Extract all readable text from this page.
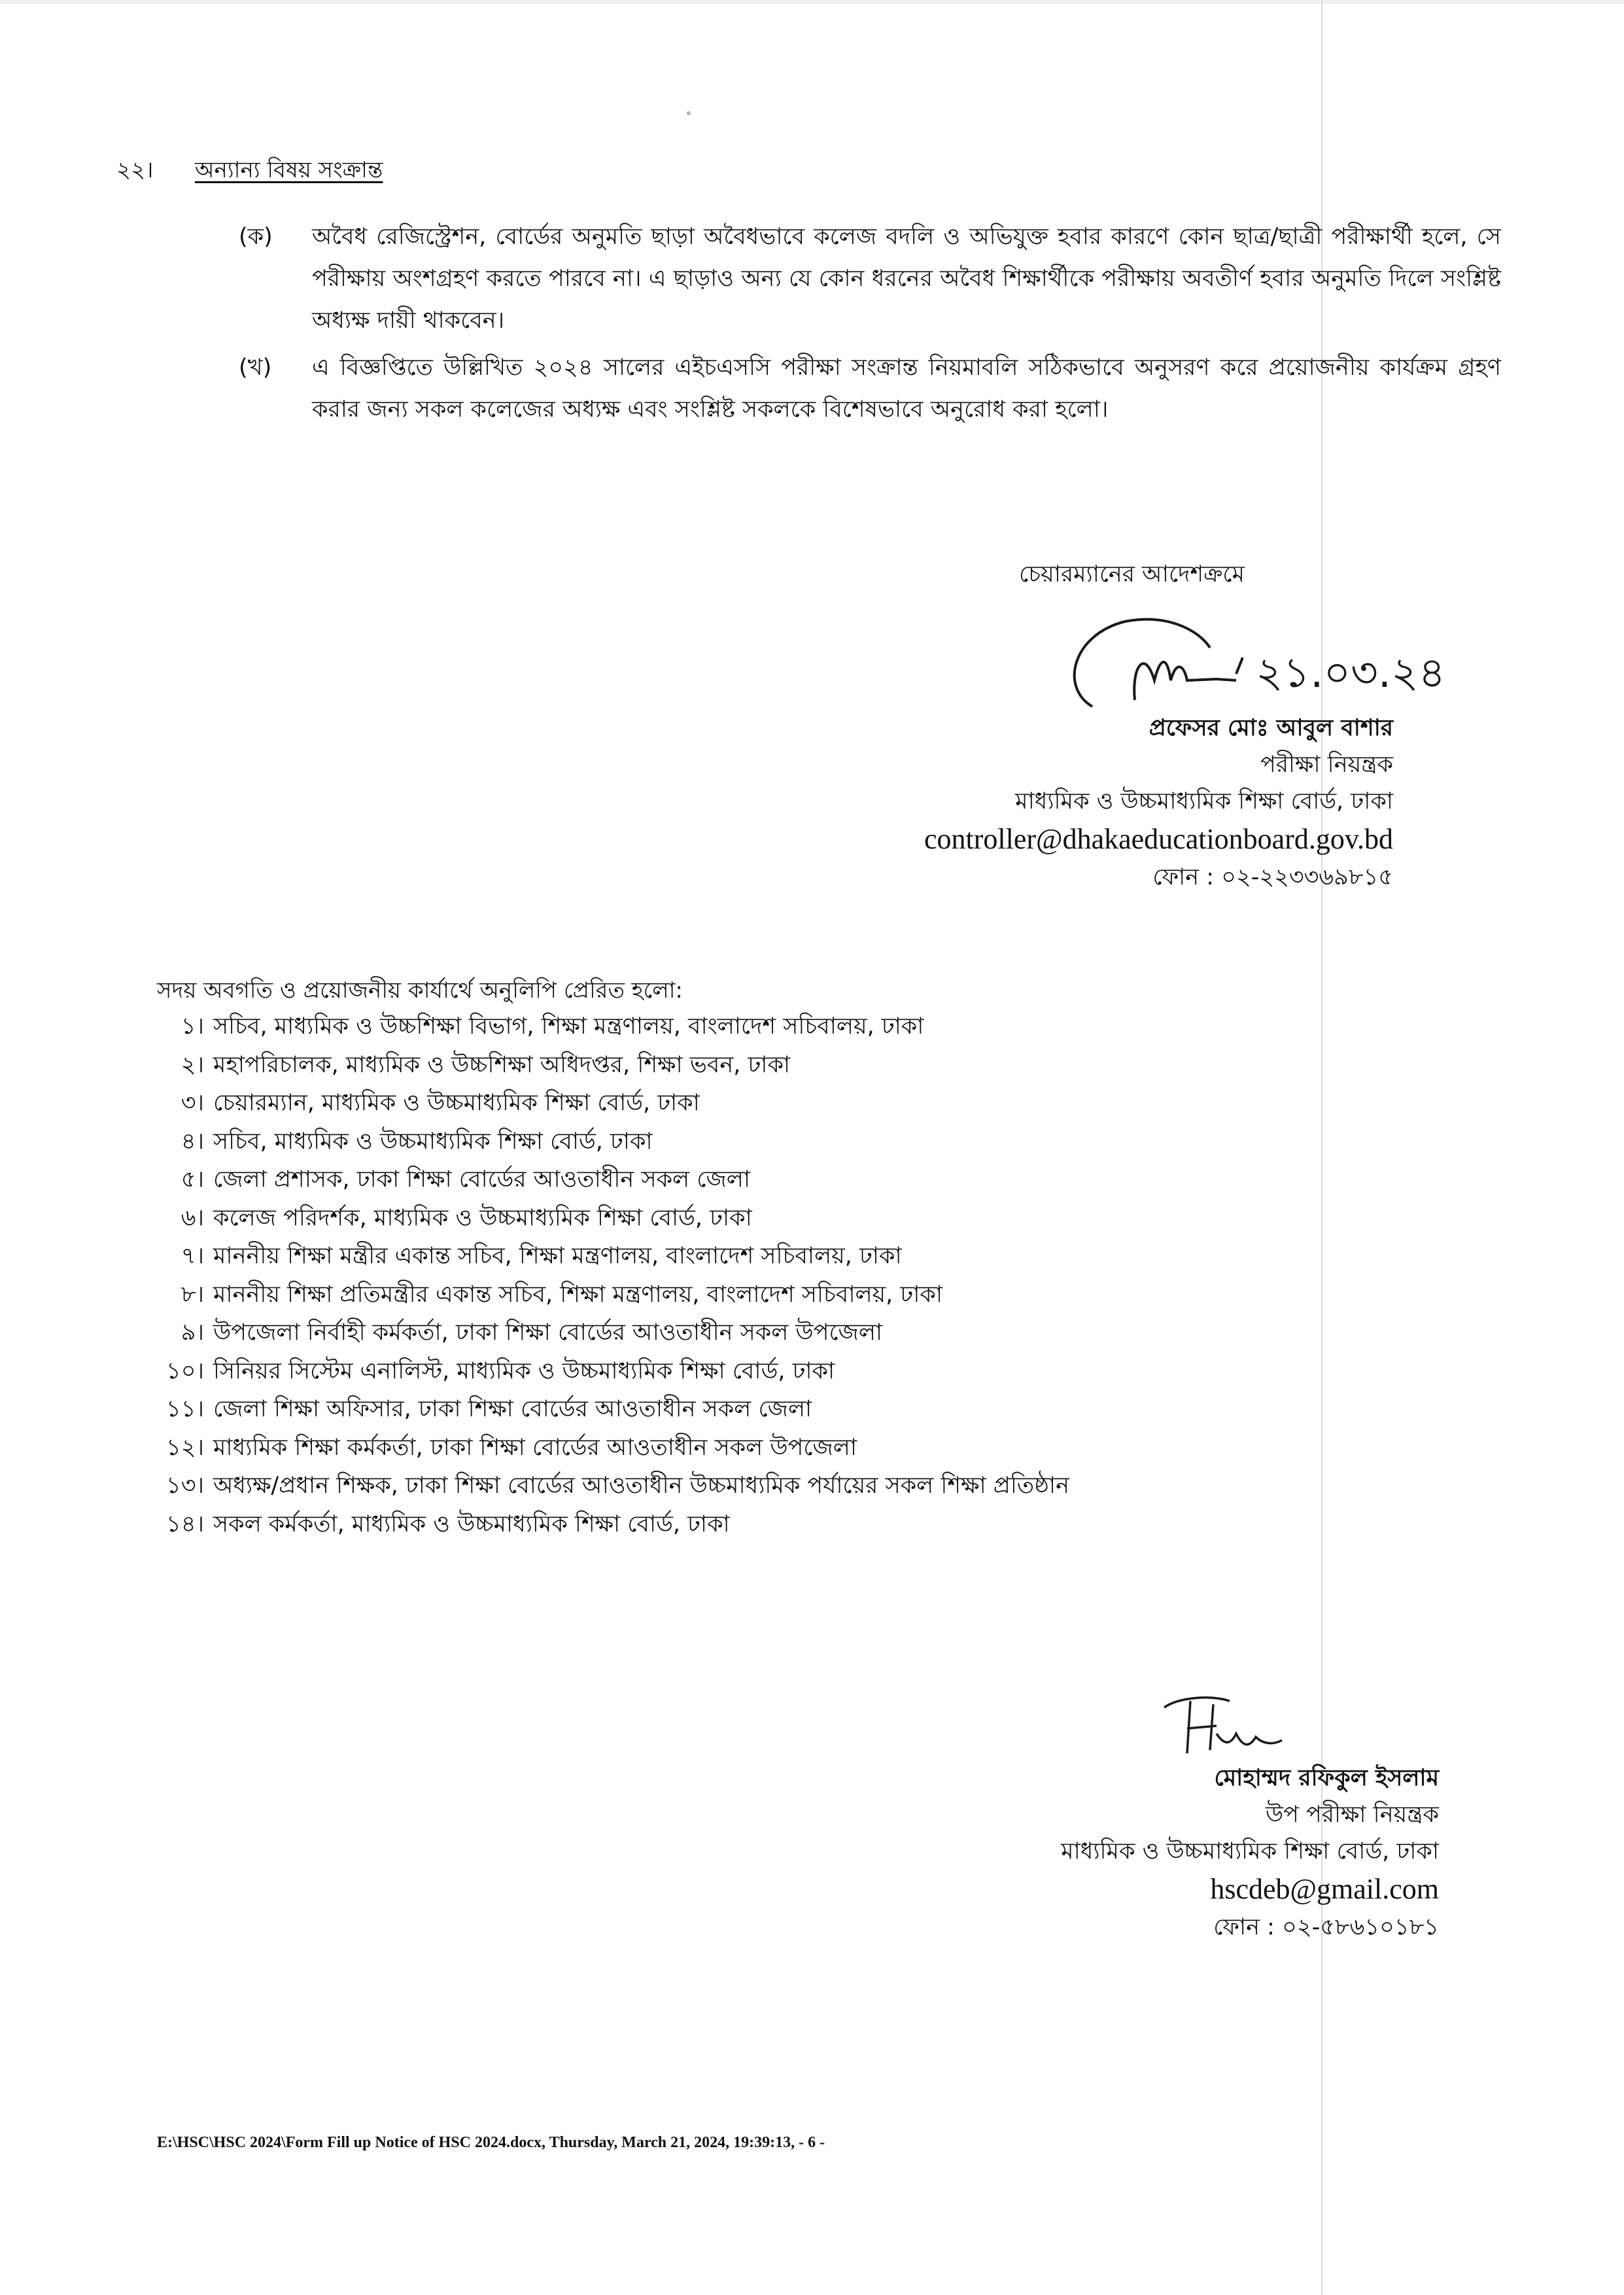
২২। অন্যান্য বিষয় সংক্রান্ত
(ক) অবৈধ রেজিস্ট্রেশন, বোর্ডের অনুমতি ছাড়া অবৈধভাবে কলেজ বদলি ও অভিযুক্ত হবার কারণে কোন ছাত্র/ছাত্রী পরীক্ষার্থী হলে, সে পরীক্ষায় অংশগ্রহণ করতে পারবে না। এ ছাড়াও অন্য যে কোন ধরনের অবৈধ শিক্ষার্থীকে পরীক্ষায় অবতীর্ণ হবার অনুমতি দিলে সংশ্লিষ্ট অধ্যক্ষ দায়ী থাকবেন।
(খ) এ বিজ্ঞপ্তিতে উল্লিখিত ২০২৪ সালের এইচএসসি পরীক্ষা সংক্রান্ত নিয়মাবলি সঠিকভাবে অনুসরণ করে প্রয়োজনীয় কার্যক্রম গ্রহণ করার জন্য সকল কলেজের অধ্যক্ষ এবং সংশ্লিষ্ট সকলকে বিশেষভাবে অনুরোধ করা হলো।
চেয়ারম্যানের আদেশক্রমে
২১.০৩.২৪
প্রফেসর মোঃ আবুল বাশার
পরীক্ষা নিয়ন্ত্রক
মাধ্যমিক ও উচ্চমাধ্যমিক শিক্ষা বোর্ড, ঢাকা
controller@dhakaeducationboard.gov.bd
ফোন : ০২-২২৩৩৬৯৮১৫
সদয় অবগতি ও প্রয়োজনীয় কার্যার্থে অনুলিপি প্রেরিত হলো:
১। সচিব, মাধ্যমিক ও উচ্চশিক্ষা বিভাগ, শিক্ষা মন্ত্রণালয়, বাংলাদেশ সচিবালয়, ঢাকা
২। মহাপরিচালক, মাধ্যমিক ও উচ্চশিক্ষা অধিদপ্তর, শিক্ষা ভবন, ঢাকা
৩। চেয়ারম্যান, মাধ্যমিক ও উচ্চমাধ্যমিক শিক্ষা বোর্ড, ঢাকা
৪। সচিব, মাধ্যমিক ও উচ্চমাধ্যমিক শিক্ষা বোর্ড, ঢাকা
৫। জেলা প্রশাসক, ঢাকা শিক্ষা বোর্ডের আওতাধীন সকল জেলা
৬। কলেজ পরিদর্শক, মাধ্যমিক ও উচ্চমাধ্যমিক শিক্ষা বোর্ড, ঢাকা
৭। মাননীয় শিক্ষা মন্ত্রীর একান্ত সচিব, শিক্ষা মন্ত্রণালয়, বাংলাদেশ সচিবালয়, ঢাকা
৮। মাননীয় শিক্ষা প্রতিমন্ত্রীর একান্ত সচিব, শিক্ষা মন্ত্রণালয়, বাংলাদেশ সচিবালয়, ঢাকা
৯। উপজেলা নির্বাহী কর্মকর্তা, ঢাকা শিক্ষা বোর্ডের আওতাধীন সকল উপজেলা
১০। সিনিয়র সিস্টেম এনালিস্ট, মাধ্যমিক ও উচ্চমাধ্যমিক শিক্ষা বোর্ড, ঢাকা
১১। জেলা শিক্ষা অফিসার, ঢাকা শিক্ষা বোর্ডের আওতাধীন সকল জেলা
১২। মাধ্যমিক শিক্ষা কর্মকর্তা, ঢাকা শিক্ষা বোর্ডের আওতাধীন সকল উপজেলা
১৩। অধ্যক্ষ/প্রধান শিক্ষক, ঢাকা শিক্ষা বোর্ডের আওতাধীন উচ্চমাধ্যমিক পর্যায়ের সকল শিক্ষা প্রতিষ্ঠান
১৪। সকল কর্মকর্তা, মাধ্যমিক ও উচ্চমাধ্যমিক শিক্ষা বোর্ড, ঢাকা
মোহাম্মদ রফিকুল ইসলাম
উপ পরীক্ষা নিয়ন্ত্রক
মাধ্যমিক ও উচ্চমাধ্যমিক শিক্ষা বোর্ড, ঢাকা
hscdeb@gmail.com
ফোন : ০২-৫৮৬১০১৮১
E:\HSC\HSC 2024\Form Fill up Notice of HSC 2024.docx, Thursday, March 21, 2024, 19:39:13, - 6 -
